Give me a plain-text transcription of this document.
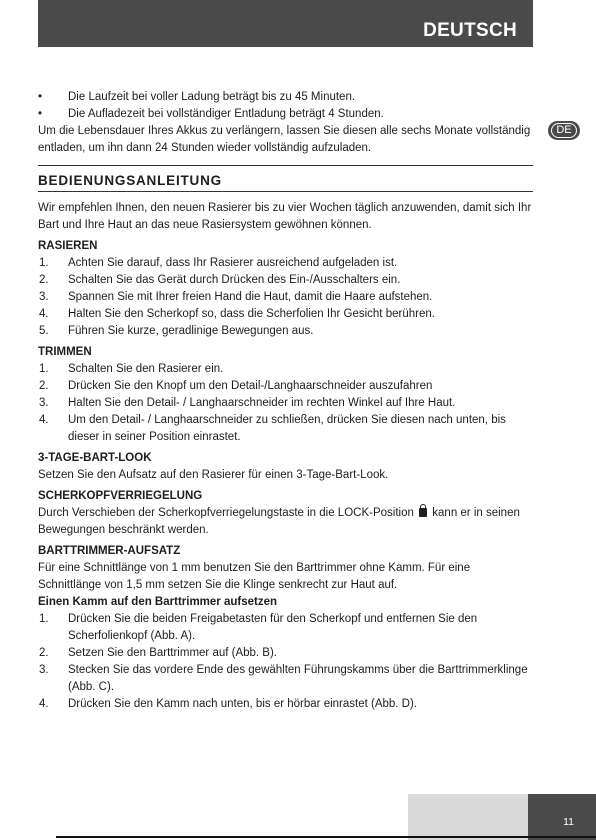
DEUTSCH
DE
• Die Laufzeit bei voller Ladung beträgt bis zu 45 Minuten.
• Die Aufladezeit bei vollständiger Entladung beträgt 4 Stunden.

Um die Lebensdauer Ihres Akkus zu verlängern, lassen Sie diesen alle sechs Monate vollständig entladen, um ihn dann 24 Stunden wieder vollständig aufzuladen.

BEDIENUNGSANLEITUNG

Wir empfehlen Ihnen, den neuen Rasierer bis zu vier Wochen täglich anzuwenden, damit sich Ihr Bart und Ihre Haut an das neue Rasiersystem gewöhnen können.

RASIEREN
1. Achten Sie darauf, dass Ihr Rasierer ausreichend aufgeladen ist.
2. Schalten Sie das Gerät durch Drücken des Ein-/Ausschalters ein.
3. Spannen Sie mit Ihrer freien Hand die Haut, damit die Haare aufstehen.
4. Halten Sie den Scherkopf so, dass die Scherfolien Ihr Gesicht berühren.
5. Führen Sie kurze, geradlinige Bewegungen aus.
TRIMMEN
1. Schalten Sie den Rasierer ein.
2. Drücken Sie den Knopf um den Detail-/Langhaarschneider auszufahren
3. Halten Sie den Detail- / Langhaarschneider im rechten Winkel auf Ihre Haut.
4. Um den Detail- / Langhaarschneider zu schließen, drücken Sie diesen nach unten, bis dieser in seiner Position einrastet.
3-TAGE-BART-LOOK

Setzen Sie den Aufsatz auf den Rasierer für einen 3-Tage-Bart-Look.

SCHERKOPFVERRIEGELUNG

Durch Verschieben der Scherkopfverriegelungstaste in die LOCK-Position kann er in seinen Bewegungen beschränkt werden.

BARTTRIMMER-AUFSATZ

Für eine Schnittlänge von 1 mm benutzen Sie den Barttrimmer ohne Kamm. Für eine Schnittlänge von 1,5 mm setzen Sie die Klinge senkrecht zur Haut auf.

Einen Kamm auf den Barttrimmer aufsetzen
1. Drücken Sie die beiden Freigabetasten für den Scherkopf und entfernen Sie den Scherfolienkopf (Abb. A).
2. Setzen Sie den Barttrimmer auf (Abb. B).
3. Stecken Sie das vordere Ende des gewählten Führungskamms über die Barttrimmerklinge (Abb. C).
4. Drücken Sie den Kamm nach unten, bis er hörbar einrastet (Abb. D).
11
